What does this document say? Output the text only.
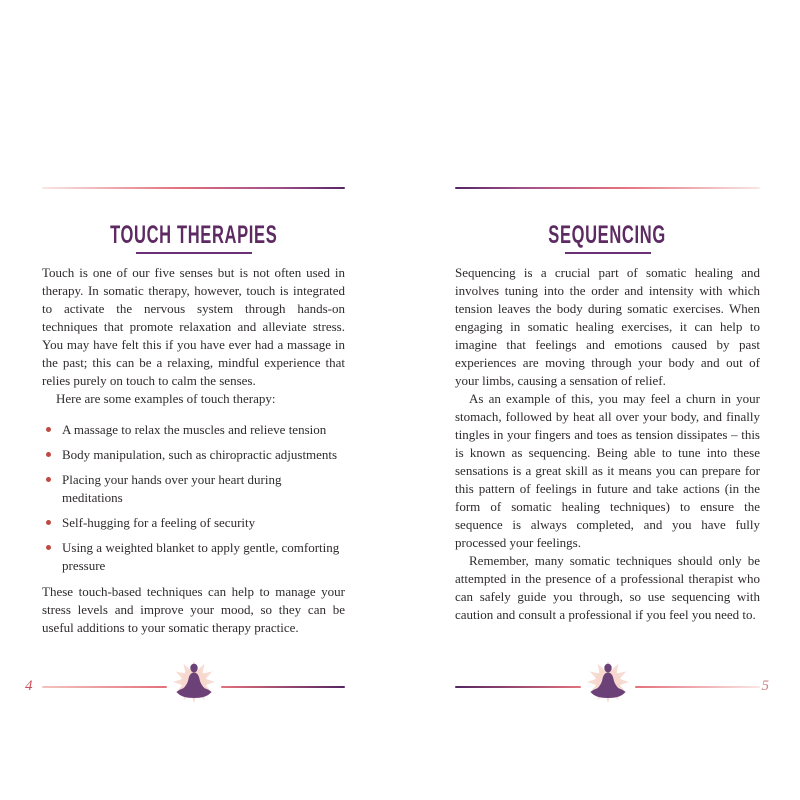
TOUCH THERAPIES

Touch is one of our five senses but is not often used in therapy. In somatic therapy, however, touch is integrated to activate the nervous system through hands-on techniques that promote relaxation and alleviate stress. You may have felt this if you have ever had a massage in the past; this can be a relaxing, mindful experience that relies purely on touch to calm the senses.

Here are some examples of touch therapy:

A massage to relax the muscles and relieve tension
Body manipulation, such as chiropractic adjustments
Placing your hands over your heart during meditations
Self-hugging for a feeling of security
Using a weighted blanket to apply gentle, comforting pressure

These touch-based techniques can help to manage your stress levels and improve your mood, so they can be useful additions to your somatic therapy practice.

4
SEQUENCING

Sequencing is a crucial part of somatic healing and involves tuning into the order and intensity with which tension leaves the body during somatic exercises. When engaging in somatic healing exercises, it can help to imagine that feelings and emotions caused by past experiences are moving through your body and out of your limbs, causing a sensation of relief.

As an example of this, you may feel a churn in your stomach, followed by heat all over your body, and finally tingles in your fingers and toes as tension dissipates – this is known as sequencing. Being able to tune into these sensations is a great skill as it means you can prepare for this pattern of feelings in future and take actions (in the form of somatic healing techniques) to ensure the sequence is always completed, and you have fully processed your feelings.

Remember, many somatic techniques should only be attempted in the presence of a professional therapist who can safely guide you through, so use sequencing with caution and consult a professional if you feel you need to.

5
